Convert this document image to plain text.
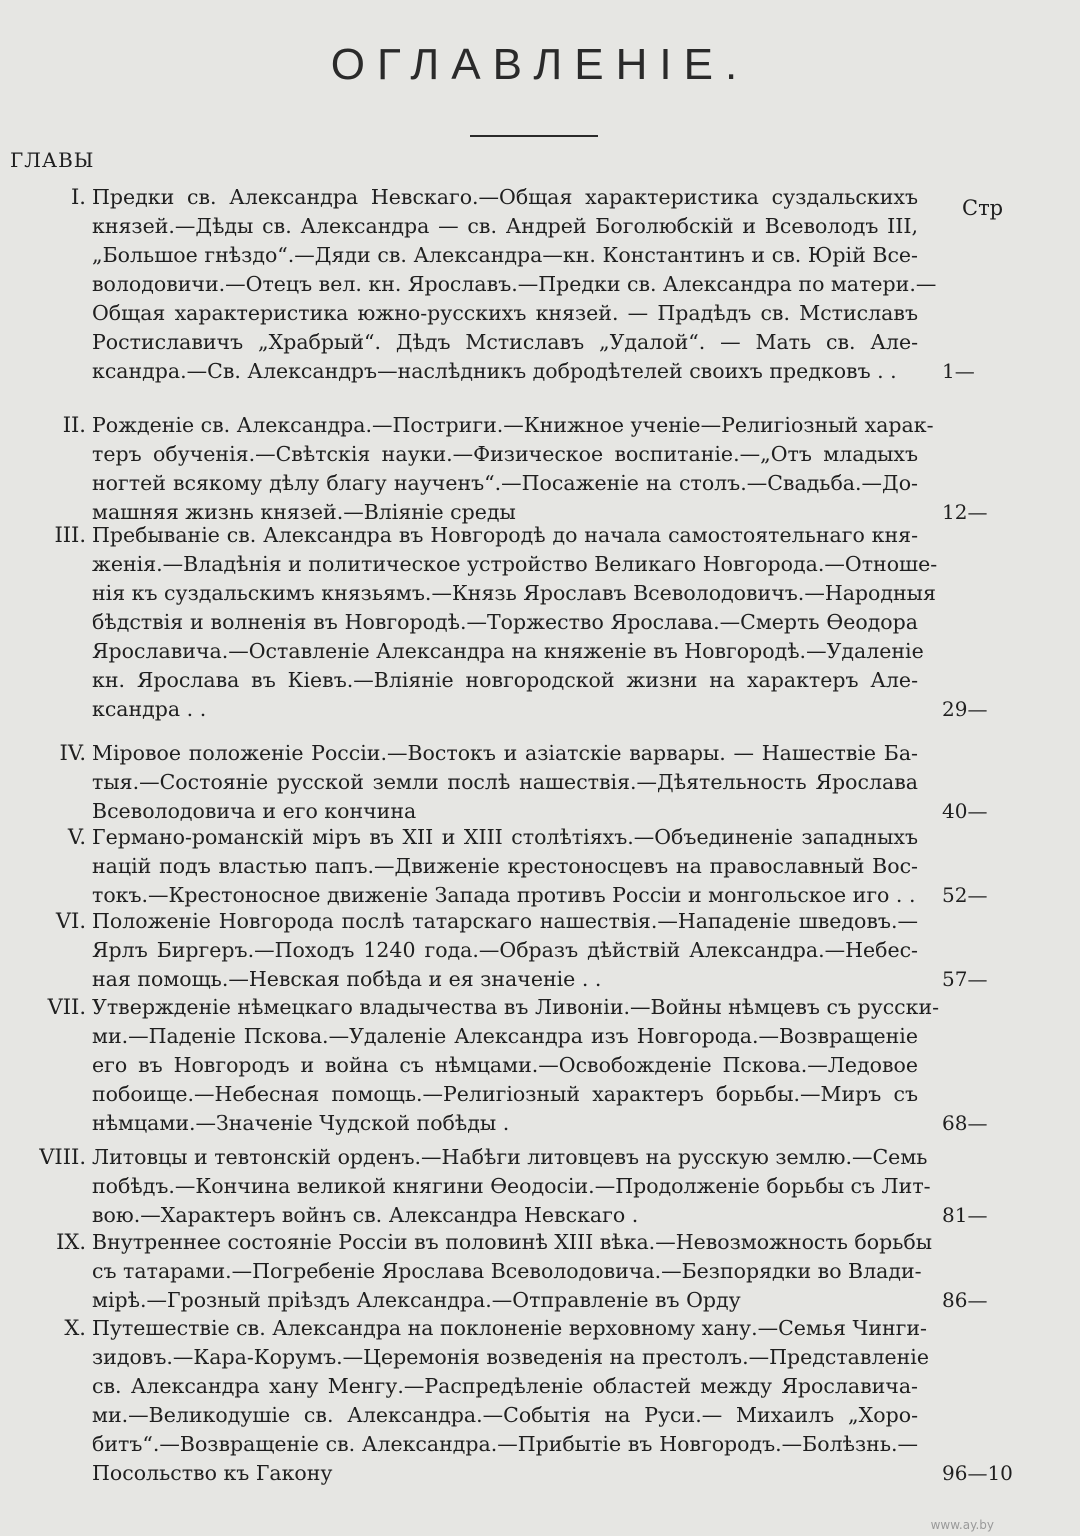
ОГЛАВЛЕНІЕ.
ГЛАВЫ
Стр
I. Предки св. Александра Невскаго.—Общая характеристика суздальскихъ
князей.—Дѣды св. Александра — св. Андрей Боголюбскій и Всеволодъ III,
„Большое гнѣздо“.—Дяди св. Александра—кн. Константинъ и св. Юрій Все-
володовичи.—Отецъ вел. кн. Ярославъ.—Предки св. Александра по матери.—
Общая характеристика южно-русскихъ князей. — Прадѣдъ св. Мстиславъ
Ростиславичъ „Храбрый“. Дѣдъ Мстиславъ „Удалой“. — Мать св. Але-
ксандра.—Св. Александръ—наслѣдникъ добродѣтелей своихъ предковъ . .	1—
II. Рожденіе св. Александра.—Постриги.—Книжное ученіе—Религіозный харак-
теръ обученія.—Свѣтскія науки.—Физическое воспитаніе.—„Отъ младыхъ
ногтей всякому дѣлу благу наученъ“.—Посаженіе на столъ.—Свадьба.—До-
машняя жизнь князей.—Вліяніе среды	12—
III. Пребываніе св. Александра въ Новгородѣ до начала самостоятельнаго кня-
женія.—Владѣнія и политическое устройство Великаго Новгорода.—Отноше-
нія къ суздальскимъ князьямъ.—Князь Ярославъ Всеволодовичъ.—Народныя
бѣдствія и волненія въ Новгородѣ.—Торжество Ярослава.—Смерть Ѳеодора
Ярославича.—Оставленіе Александра на княженіе въ Новгородѣ.—Удаленіе
кн. Ярослава въ Кіевъ.—Вліяніе новгородской жизни на характеръ Але-
ксандра . .	29—
IV. Міровое положеніе Россіи.—Востокъ и азіатскіе варвары. — Нашествіе Ба-
тыя.—Состояніе русской земли послѣ нашествія.—Дѣятельность Ярослава
Всеволодовича и его кончина	40—
V. Германо-романскій міръ въ XII и XIII столѣтіяхъ.—Объединеніе западныхъ
націй подъ властью папъ.—Движеніе крестоносцевъ на православный Вос-
токъ.—Крестоносное движеніе Запада противъ Россіи и монгольское иго . . 52—
VI. Положеніе Новгорода послѣ татарскаго нашествія.—Нападеніе шведовъ.—
Ярлъ Биргеръ.—Походъ 1240 года.—Образъ дѣйствій Александра.—Небес-
ная помощь.—Невская побѣда и ея значеніе . .	57—
VII. Утвержденіе нѣмецкаго владычества въ Ливоніи.—Войны нѣмцевъ съ русски-
ми.—Паденіе Пскова.—Удаленіе Александра изъ Новгорода.—Возвращеніе
его въ Новгородъ и война съ нѣмцами.—Освобожденіе Пскова.—Ледовое
побоище.—Небесная помощь.—Религіозный характеръ борьбы.—Миръ съ
нѣмцами.—Значеніе Чудской побѣды .	68—
VIII. Литовцы и тевтонскій орденъ.—Набѣги литовцевъ на русскую землю.—Семь
побѣдъ.—Кончина великой княгини Ѳеодосіи.—Продолженіе борьбы съ Лит-
вою.—Характеръ войнъ св. Александра Невскаго .	81—
IX. Внутреннее состояніе Россіи въ половинѣ XIII вѣка.—Невозможность борьбы
съ татарами.—Погребеніе Ярослава Всеволодовича.—Безпорядки во Влади-
мірѣ.—Грозный пріѣздъ Александра.—Отправленіе въ Орду	86—
X. Путешествіе св. Александра на поклоненіе верховному хану.—Семья Чинги-
зидовъ.—Кара-Корумъ.—Церемонія возведенія на престолъ.—Представленіе
св. Александра хану Менгу.—Распредѣленіе областей между Ярославича-
ми.—Великодушіе св. Александра.—Событія на Руси.— Михаилъ „Хоро-
битъ“.—Возвращеніе св. Александра.—Прибытіе въ Новгородъ.—Болѣзнь.—
Посольство къ Гакону	96—10
www.ay.by
